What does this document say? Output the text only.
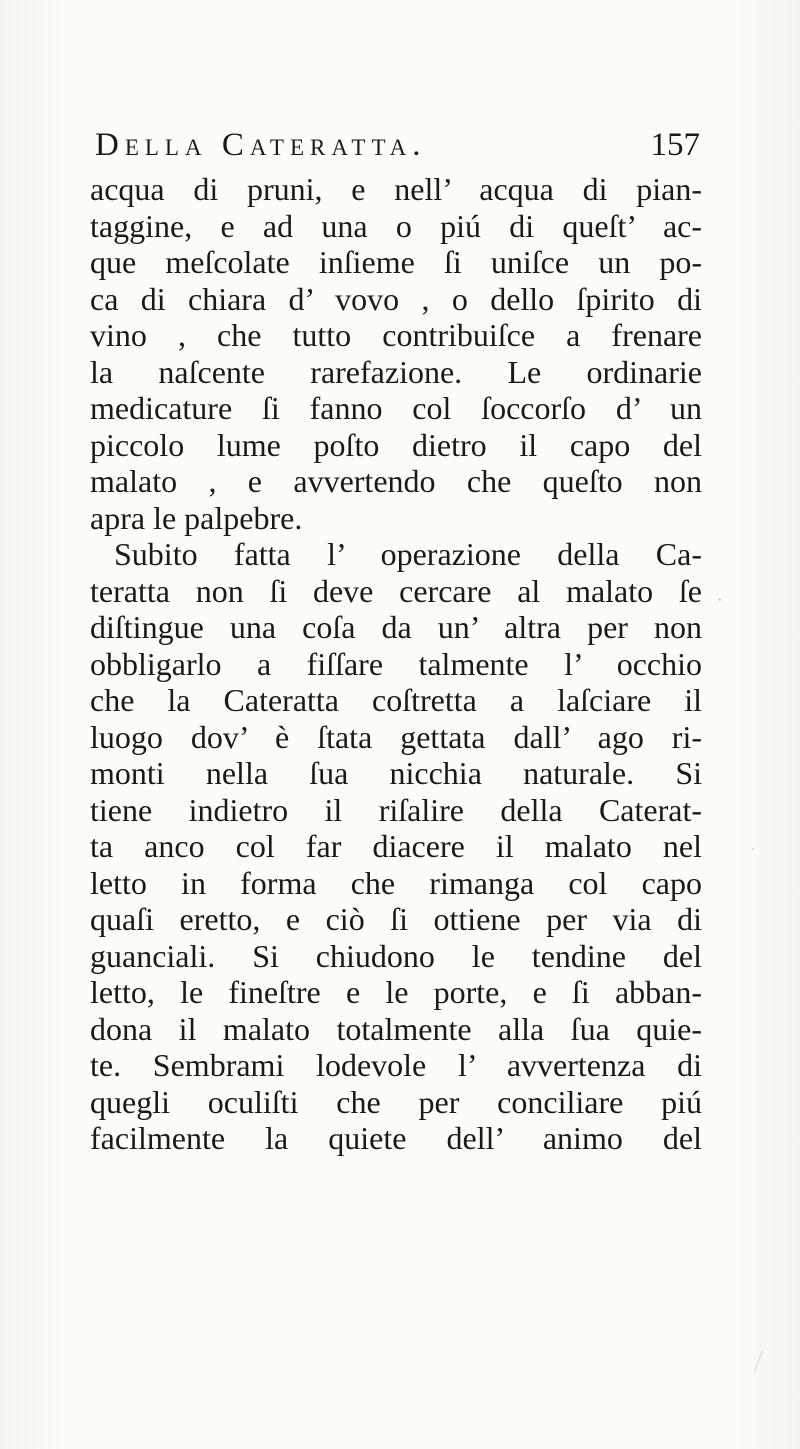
Della Cateratta.	157
acqua di pruni, e nell’ acqua di pian-
taggine, e ad una o piú di queſt’ ac-
que meſcolate inſieme ſi uniſce un po-
ca di chiara d’ vovo , o dello ſpirito di
vino , che tutto contribuiſce a frenare
la naſcente rarefazione. Le ordinarie
medicature ſi fanno col ſoccorſo d’ un
piccolo lume poſto dietro il capo del
malato , e avvertendo che queſto non
apra le palpebre.
Subito fatta l’ operazione della Ca-
teratta non ſi deve cercare al malato ſe
diſtingue una coſa da un’ altra per non
obbligarlo a fiſſare talmente l’ occhio
che la Cateratta coſtretta a laſciare il
luogo dov’ è ſtata gettata dall’ ago ri-
monti nella ſua nicchia naturale. Si
tiene indietro il riſalire della Caterat-
ta anco col far diacere il malato nel
letto in forma che rimanga col capo
quaſi eretto, e ciò ſi ottiene per via di
guanciali. Si chiudono le tendine del
letto, le fineſtre e le porte, e ſi abban-
dona il malato totalmente alla ſua quie-
te. Sembrami lodevole l’ avvertenza di
quegli oculiſti che per conciliare piú
facilmente la quiete dell’ animo del
